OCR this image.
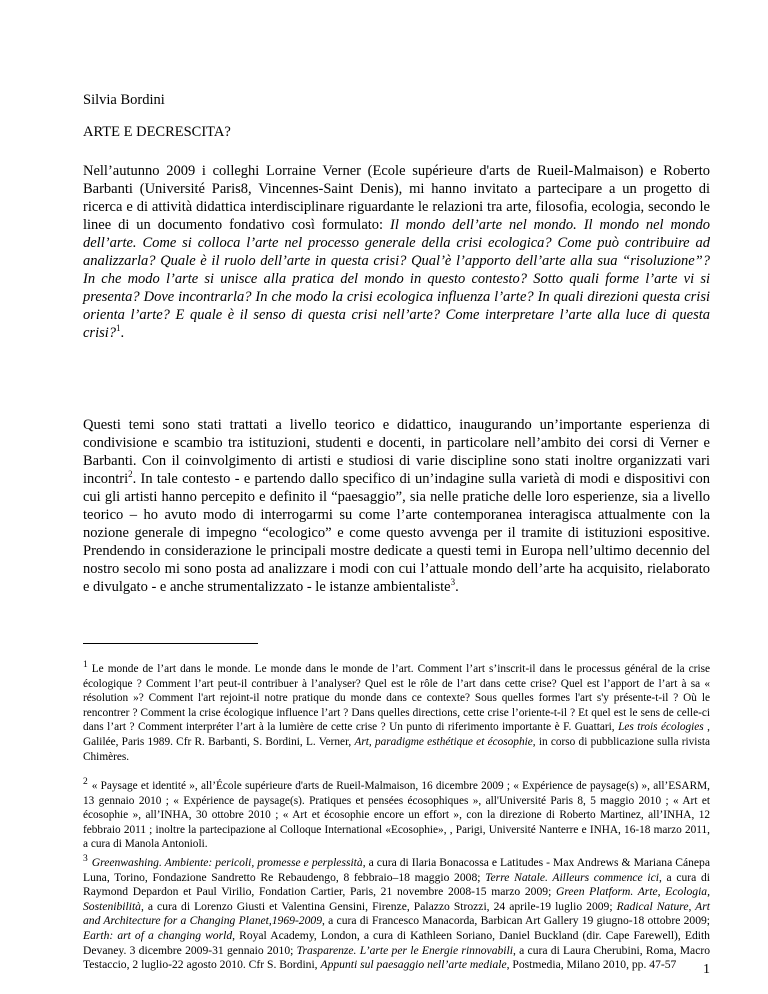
Silvia Bordini

ARTE E DECRESCITA?

Nell’autunno 2009 i colleghi Lorraine Verner (Ecole supérieure d'arts de Rueil-Malmaison) e Roberto Barbanti (Université Paris8, Vincennes-Saint Denis), mi hanno invitato a partecipare a un progetto di ricerca e di attività didattica interdisciplinare riguardante le relazioni tra arte, filosofia, ecologia, secondo le linee di un documento fondativo così formulato: Il mondo dell’arte nel mondo. Il mondo nel mondo dell’arte. Come si colloca l’arte nel processo generale della crisi ecologica? Come può contribuire ad analizzarla? Quale è il ruolo dell’arte in questa crisi? Qual’è l’apporto dell’arte alla sua “risoluzione”? In che modo l’arte si unisce alla pratica del mondo in questo contesto? Sotto quali forme l’arte vi si presenta? Dove incontrarla? In che modo la crisi ecologica influenza l’arte? In quali direzioni questa crisi orienta l’arte? E quale è il senso di questa crisi nell’arte? Come interpretare l’arte alla luce di questa crisi?$^1$.

Questi temi sono stati trattati a livello teorico e didattico, inaugurando un’importante esperienza di condivisione e scambio tra istituzioni, studenti e docenti, in particolare nell’ambito dei corsi di Verner e Barbanti. Con il coinvolgimento di artisti e studiosi di varie discipline sono stati inoltre organizzati vari incontri$^2$. In tale contesto - e partendo dallo specifico di un’indagine sulla varietà di modi e dispositivi con cui gli artisti hanno percepito e definito il “paesaggio”, sia nelle pratiche delle loro esperienze, sia a livello teorico – ho avuto modo di interrogarmi su come l’arte contemporanea interagisca attualmente con la nozione generale di impegno “ecologico” e come questo avvenga per il tramite di istituzioni espositive. Prendendo in considerazione le principali mostre dedicate a questi temi in Europa nell’ultimo decennio del nostro secolo mi sono posta ad analizzare i modi con cui l’attuale mondo dell’arte ha acquisito, rielaborato e divulgato - e anche strumentalizzato - le istanze ambientaliste$^3$.

$^1$ Le monde de l’art dans le monde. Le monde dans le monde de l’art. Comment l’art s’inscrit-il dans le processus général de la crise écologique ? Comment l’art peut-il contribuer à l’analyser? Quel est le rôle de l’art dans cette crise? Quel est l’apport de l’art à sa « résolution »? Comment l'art rejoint-il notre pratique du monde dans ce contexte? Sous quelles formes l'art s'y présente-t-il ? Où le rencontrer ? Comment la crise écologique influence l’art ? Dans quelles directions, cette crise l’oriente-t-il ? Et quel est le sens de celle-ci dans l’art ? Comment interpréter l’art à la lumière de cette crise ? Un punto di riferimento importante è F. Guattari, Les trois écologies , Galilée, Paris 1989. Cfr R. Barbanti, S. Bordini, L. Verner, Art, paradigme esthétique et écosophie, in corso di pubblicazione sulla rivista Chimères.

$^2$ « Paysage et identité », all’École supérieure d'arts de Rueil-Malmaison, 16 dicembre 2009 ; « Expérience de paysage(s) », all’ESARM, 13 gennaio 2010 ; « Expérience de paysage(s). Pratiques et pensées écosophiques », all'Université Paris 8, 5 maggio 2010 ; « Art et écosophie », all’INHA, 30 ottobre 2010 ; « Art et écosophie encore un effort », con la direzione di Roberto Martinez, all’INHA, 12 febbraio 2011 ; inoltre la partecipazione al Colloque International «Ecosophie», , Parigi, Université Nanterre e INHA, 16-18 marzo 2011, a cura di Manola Antonioli.

$^3$ Greenwashing. Ambiente: pericoli, promesse e perplessità, a cura di Ilaria Bonacossa e Latitudes - Max Andrews & Mariana Cánepa Luna, Torino, Fondazione Sandretto Re Rebaudengo, 8 febbraio–18 maggio 2008; Terre Natale. Ailleurs commence ici, a cura di Raymond Depardon et Paul Virilio, Fondation Cartier, Paris, 21 novembre 2008-15 marzo 2009; Green Platform. Arte, Ecologia, Sostenibilità, a cura di Lorenzo Giusti et Valentina Gensini, Firenze, Palazzo Strozzi, 24 aprile-19 luglio 2009; Radical Nature, Art and Architecture for a Changing Planet,1969-2009, a cura di Francesco Manacorda, Barbican Art Gallery 19 giugno-18 ottobre 2009; Earth: art of a changing world, Royal Academy, London, a cura di Kathleen Soriano, Daniel Buckland (dir. Cape Farewell), Edith Devaney. 3 dicembre 2009-31 gennaio 2010; Trasparenze. L’arte per le Energie rinnovabili, a cura di Laura Cherubini, Roma, Macro Testaccio, 2 luglio-22 agosto 2010. Cfr S. Bordini, Appunti sul paesaggio nell’arte mediale, Postmedia, Milano 2010, pp. 47-57	1
